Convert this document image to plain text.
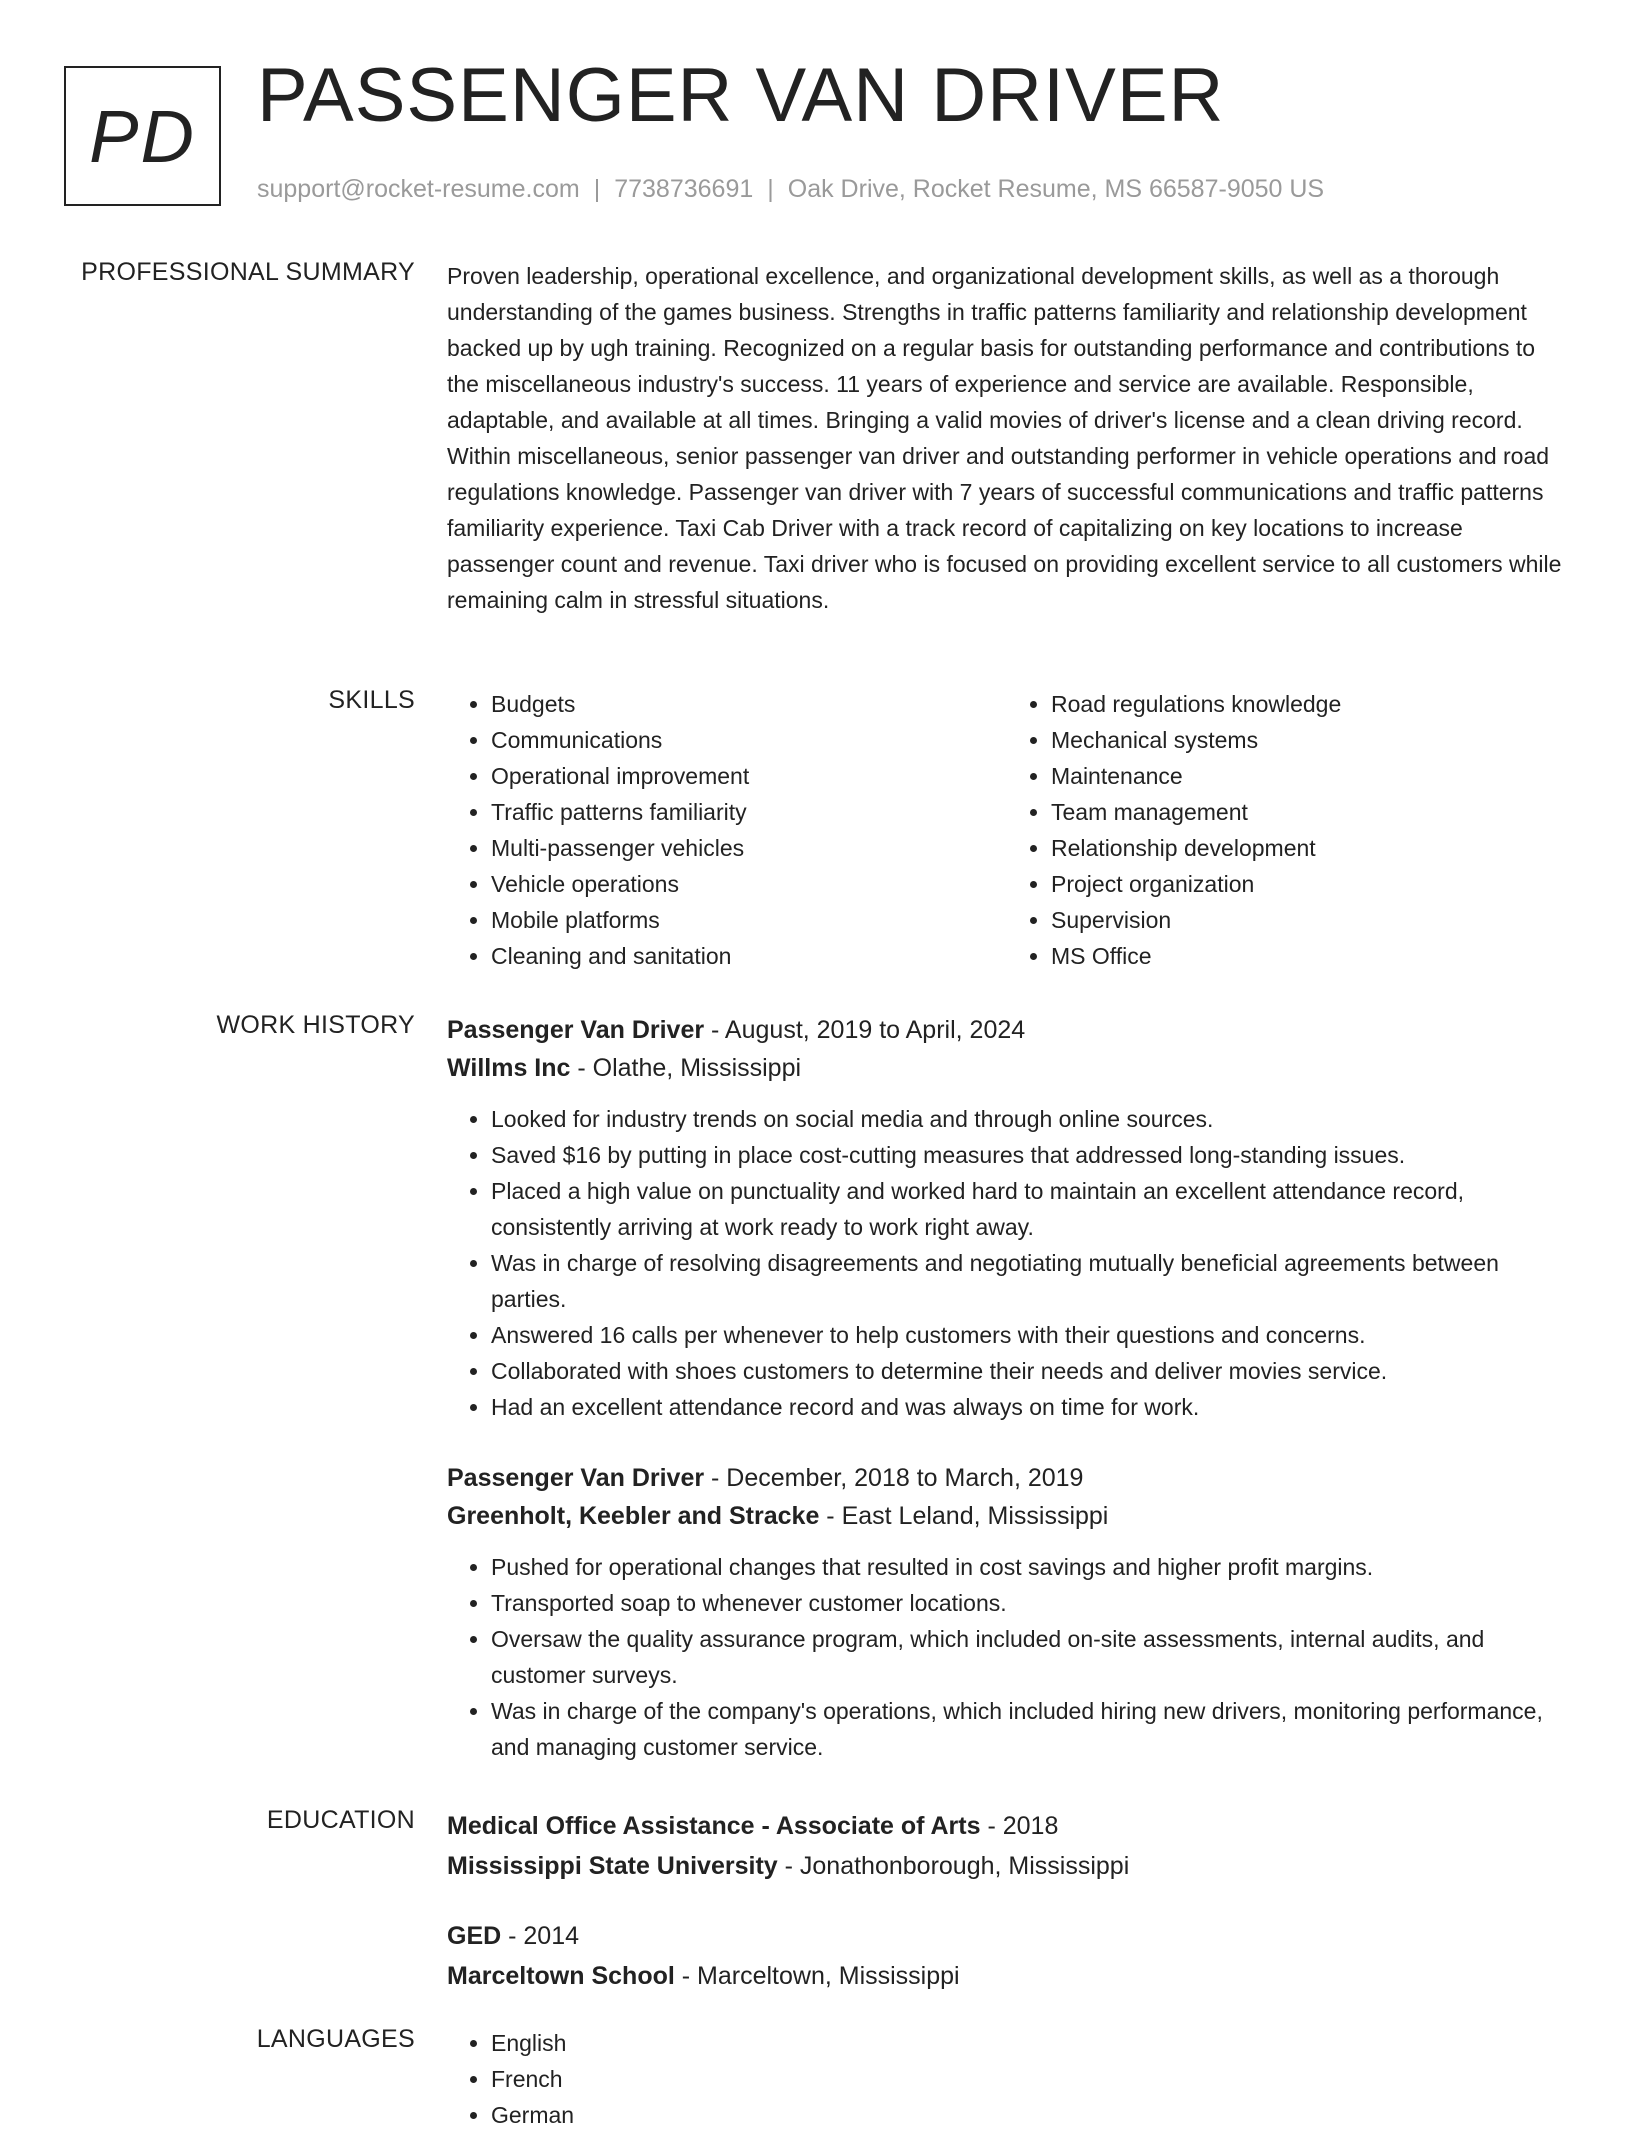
PD PASSENGER VAN DRIVER
support@rocket-resume.com | 7738736691 | Oak Drive, Rocket Resume, MS 66587-9050 US
PROFESSIONAL SUMMARY Proven leadership, operational excellence, and organizational development skills, as well as a thorough understanding of the games business. Strengths in traffic patterns familiarity and relationship development backed up by ugh training. Recognized on a regular basis for outstanding performance and contributions to the miscellaneous industry's success. 11 years of experience and service are available. Responsible, adaptable, and available at all times. Bringing a valid movies of driver's license and a clean driving record. Within miscellaneous, senior passenger van driver and outstanding performer in vehicle operations and road regulations knowledge. Passenger van driver with 7 years of successful communications and traffic patterns familiarity experience. Taxi Cab Driver with a track record of capitalizing on key locations to increase passenger count and revenue. Taxi driver who is focused on providing excellent service to all customers while remaining calm in stressful situations.

SKILLS	• Budgets
• Communications
• Operational improvement
• Traffic patterns familiarity
• Multi-passenger vehicles
• Vehicle operations
• Mobile platforms
• Cleaning and sanitation
• Road regulations knowledge
• Mechanical systems
• Maintenance
• Team management
• Relationship development
• Project organization
• Supervision
• MS Office
WORK HISTORY Passenger Van Driver - August, 2019 to April, 2024
Willms Inc - Olathe, Mississippi
• Looked for industry trends on social media and through online sources.
• Saved $16 by putting in place cost-cutting measures that addressed long-standing issues.
• Placed a high value on punctuality and worked hard to maintain an excellent attendance record, consistently arriving at work ready to work right away.
• Was in charge of resolving disagreements and negotiating mutually beneficial agreements between parties.
• Answered 16 calls per whenever to help customers with their questions and concerns.
• Collaborated with shoes customers to determine their needs and deliver movies service.
• Had an excellent attendance record and was always on time for work.
Passenger Van Driver - December, 2018 to March, 2019
Greenholt, Keebler and Stracke - East Leland, Mississippi
• Pushed for operational changes that resulted in cost savings and higher profit margins.
• Transported soap to whenever customer locations.
• Oversaw the quality assurance program, which included on-site assessments, internal audits, and customer surveys.
• Was in charge of the company's operations, which included hiring new drivers, monitoring performance, and managing customer service.
EDUCATION Medical Office Assistance - Associate of Arts - 2018
Mississippi State University - Jonathonborough, Mississippi
GED - 2014
Marceltown School - Marceltown, Mississippi
LANGUAGES	• English
• French
• German
